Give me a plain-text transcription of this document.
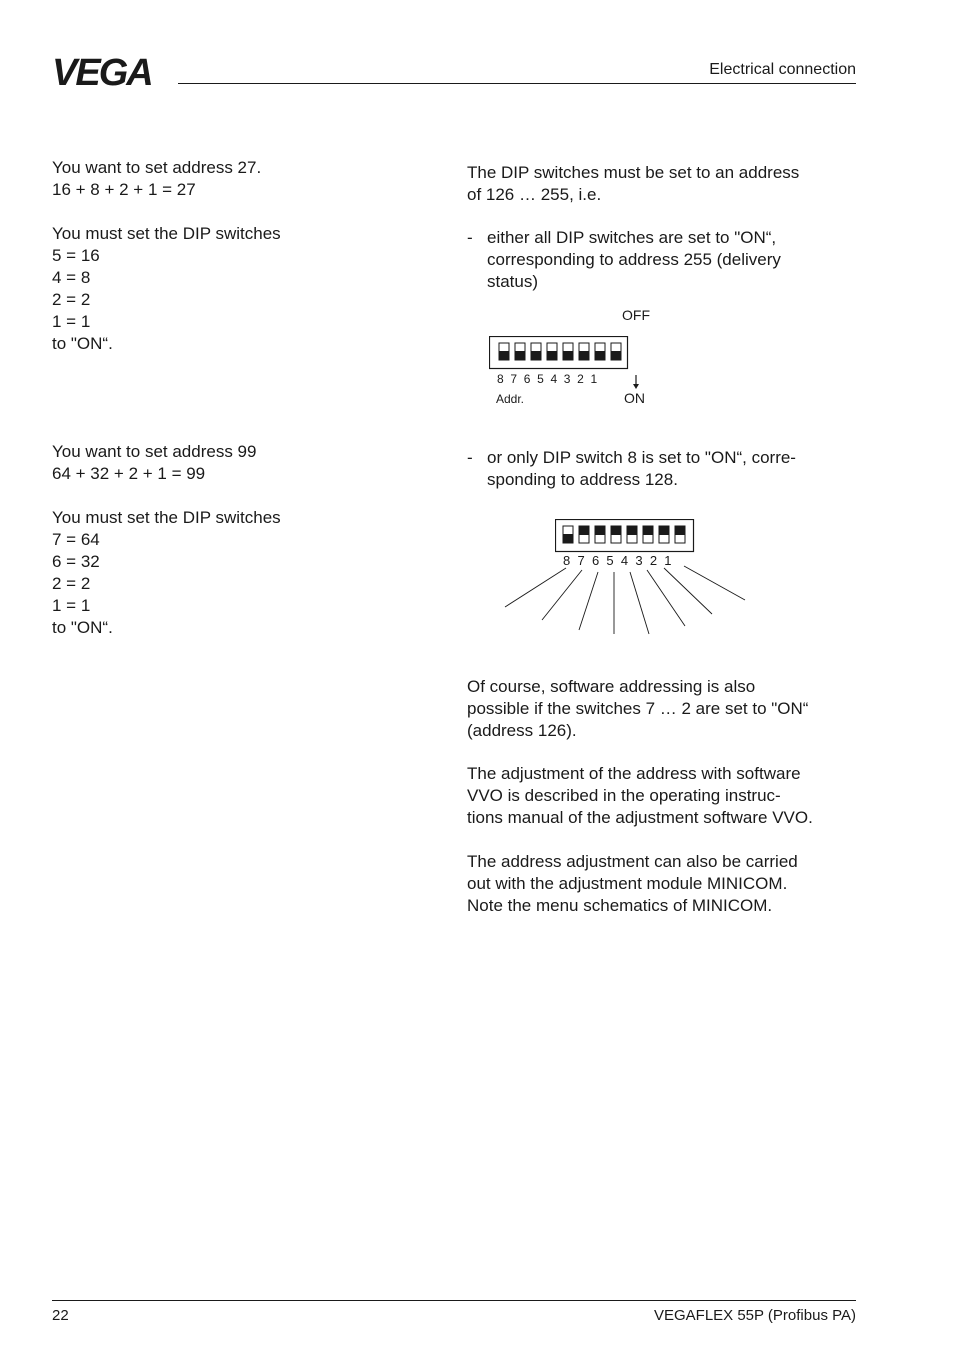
VEGA	Electrical connection
You want to set address 27.
16 + 8 + 2 + 1 = 27
You must set the DIP switches
5 = 16
4 = 8
2 = 2
1 = 1
to "ON“.
You want to set address 99
64 + 32 + 2 + 1 = 99
You must set the DIP switches
7 = 64
6 = 32
2 = 2
1 = 1
to "ON“.
The DIP switches must be set to an address
of 126 … 255, i.e.
- either all DIP switches are set to "ON“,
corresponding to address 255 (delivery
status)
OFF
8 7 6 5 4 3 2 1
Addr.	ON
- or only DIP switch 8 is set to "ON“, corre-
sponding to address 128.
8 7 6 5 4 3 2 1
Of course, software addressing is also
possible if the switches 7 … 2 are set to "ON“
(address 126).
The adjustment of the address with software
VVO is described in the operating instruc-
tions manual of the adjustment software VVO.
The address adjustment can also be carried
out with the adjustment module MINICOM.
Note the menu schematics of MINICOM.
22	VEGAFLEX 55P (Profibus PA)
